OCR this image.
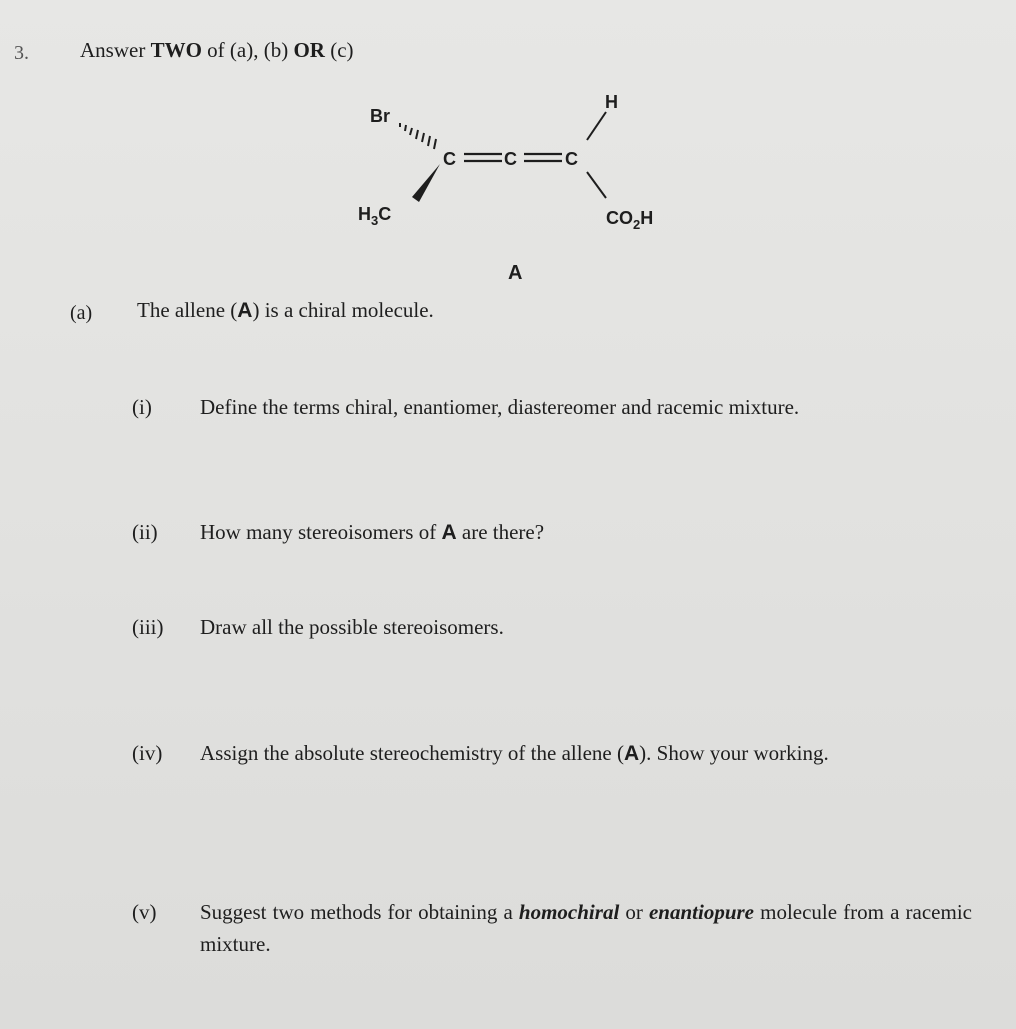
3. Answer TWO of (a), (b) OR (c)
Br
$H_3C$
C	C	C
H
$CO_2H$
A
(a) The allene (A) is a chiral molecule.
(i)	Define the terms chiral, enantiomer, diastereomer and racemic mixture.
(ii)	How many stereoisomers of A are there?
(iii)	Draw all the possible stereoisomers.
(iv)	Assign the absolute stereochemistry of the allene (A). Show your working.
(v)	Suggest two methods for obtaining a homochiral or enantiopure molecule from a racemic mixture.
